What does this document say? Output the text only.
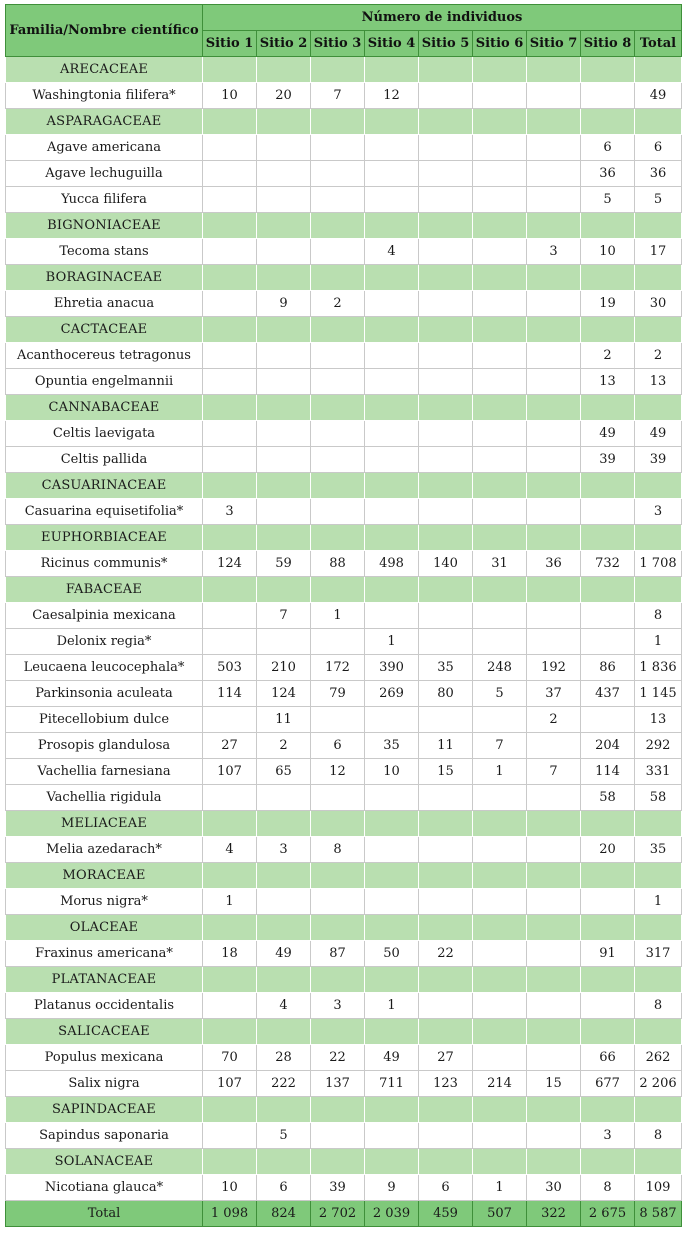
Familia/Nombre científico	Número de individuos								
	Sitio 1	Sitio 2	Sitio 3	Sitio 4	Sitio 5	Sitio 6	Sitio 7	Sitio 8	Total
ARECACEAE									
Washingtonia filifera*	10	20	7	12					49
ASPARAGACEAE									
Agave americana								6	6
Agave lechuguilla								36	36
Yucca filifera								5	5
BIGNONIACEAE									
Tecoma stans				4			3	10	17
BORAGINACEAE									
Ehretia anacua		9	2					19	30
CACTACEAE									
Acanthocereus tetragonus								2	2
Opuntia engelmannii								13	13
CANNABACEAE									
Celtis laevigata								49	49
Celtis pallida								39	39
CASUARINACEAE									
Casuarina equisetifolia*	3								3
EUPHORBIACEAE									
Ricinus communis*	124	59	88	498	140	31	36	732	1 708
FABACEAE									
Caesalpinia mexicana		7	1						8
Delonix regia*				1					1
Leucaena leucocephala*	503	210	172	390	35	248	192	86	1 836
Parkinsonia aculeata	114	124	79	269	80	5	37	437	1 145
Pitecellobium dulce		11					2		13
Prosopis glandulosa	27	2	6	35	11	7		204	292
Vachellia farnesiana	107	65	12	10	15	1	7	114	331
Vachellia rigidula								58	58
MELIACEAE									
Melia azedarach*	4	3	8					20	35
MORACEAE									
Morus nigra*	1								1
OLACEAE									
Fraxinus americana*	18	49	87	50	22			91	317
PLATANACEAE									
Platanus occidentalis		4	3	1					8
SALICACEAE									
Populus mexicana	70	28	22	49	27			66	262
Salix nigra	107	222	137	711	123	214	15	677	2 206
SAPINDACEAE									
Sapindus saponaria		5						3	8
SOLANACEAE									
Nicotiana glauca*	10	6	39	9	6	1	30	8	109
Total	1 098	824	2 702	2 039	459	507	322	2 675	8 587
